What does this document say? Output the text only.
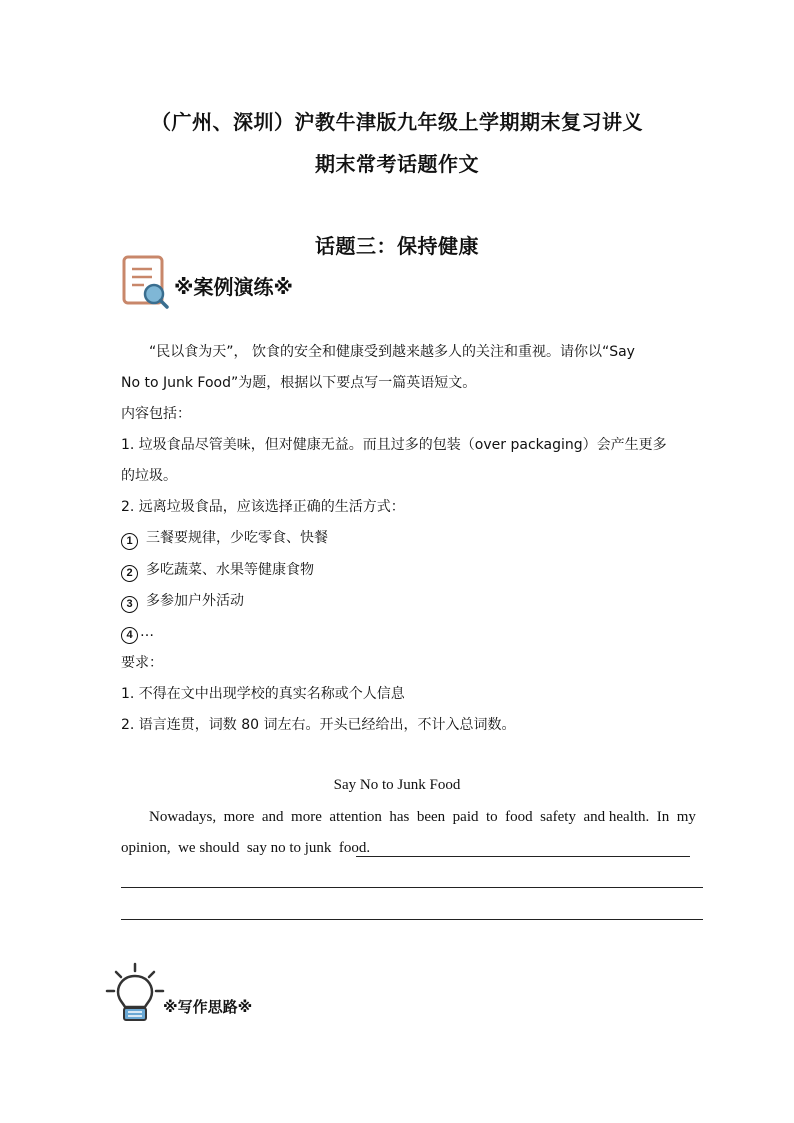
（广州、深圳）沪教牛津版九年级上学期期末复习讲义
期末常考话题作文
话题三：保持健康
※案例演练※
“民以食为天”， 饮食的安全和健康受到越来越多人的关注和重视。请你以“Say
No to Junk Food”为题，根据以下要点写一篇英语短文。
内容包括：
1. 垃圾食品尽管美味，但对健康无益。而且过多的包装（over packaging）会产生更多
的垃圾。
2. 远离垃圾食品，应该选择正确的生活方式：
1 三餐要规律，少吃零食、快餐
2 多吃蔬菜、水果等健康食物
3 多参加户外活动
4 …
要求：
1. 不得在文中出现学校的真实名称或个人信息
2. 语言连贯，词数 80 词左右。开头已经给出，不计入总词数。
Say No to Junk Food
Nowadays,  more  and  more  attention  has  been  paid  to  food  safety  and health.  In  my
opinion,  we should  say no to junk  food.
※写作思路※
